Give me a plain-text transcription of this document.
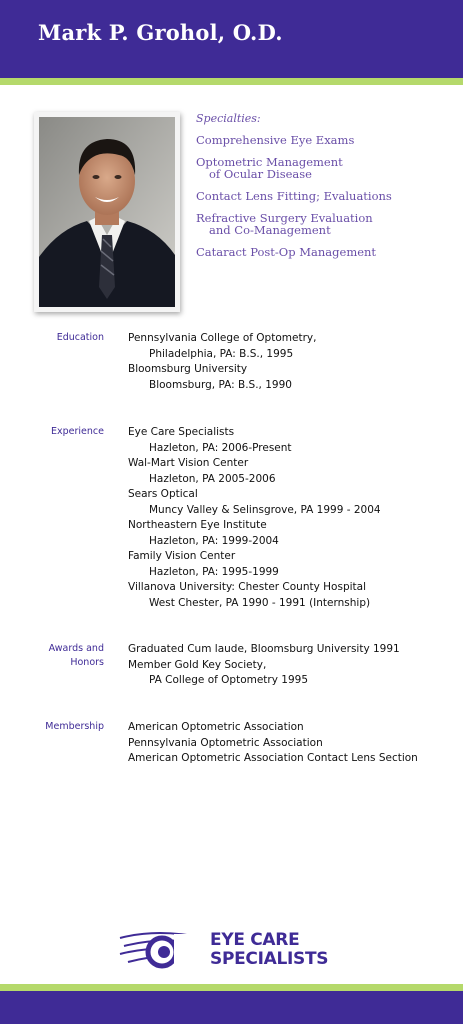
Mark P. Grohol, O.D.
Specialties:
Comprehensive Eye Exams
Optometric Management
of Ocular Disease
Contact Lens Fitting; Evaluations
Refractive Surgery Evaluation
and Co-Management
Cataract Post-Op Management
Education Pennsylvania College of Optometry,
Philadelphia, PA: B.S., 1995
Bloomsburg University
Bloomsburg, PA: B.S., 1990
Experience Eye Care Specialists
Hazleton, PA: 2006-Present
Wal-Mart Vision Center
Hazleton, PA 2005-2006
Sears Optical
Muncy Valley & Selinsgrove, PA 1999 - 2004
Northeastern Eye Institute
Hazleton, PA: 1999-2004
Family Vision Center
Hazleton, PA: 1995-1999
Villanova University: Chester County Hospital
West Chester, PA 1990 - 1991 (Internship)
Awards and
Honors
Graduated Cum laude, Bloomsburg University 1991
Member Gold Key Society,
PA College of Optometry 1995
Membership American Optometric Association
Pennsylvania Optometric Association
American Optometric Association Contact Lens Section
EYE CARE
SPECIALISTS
